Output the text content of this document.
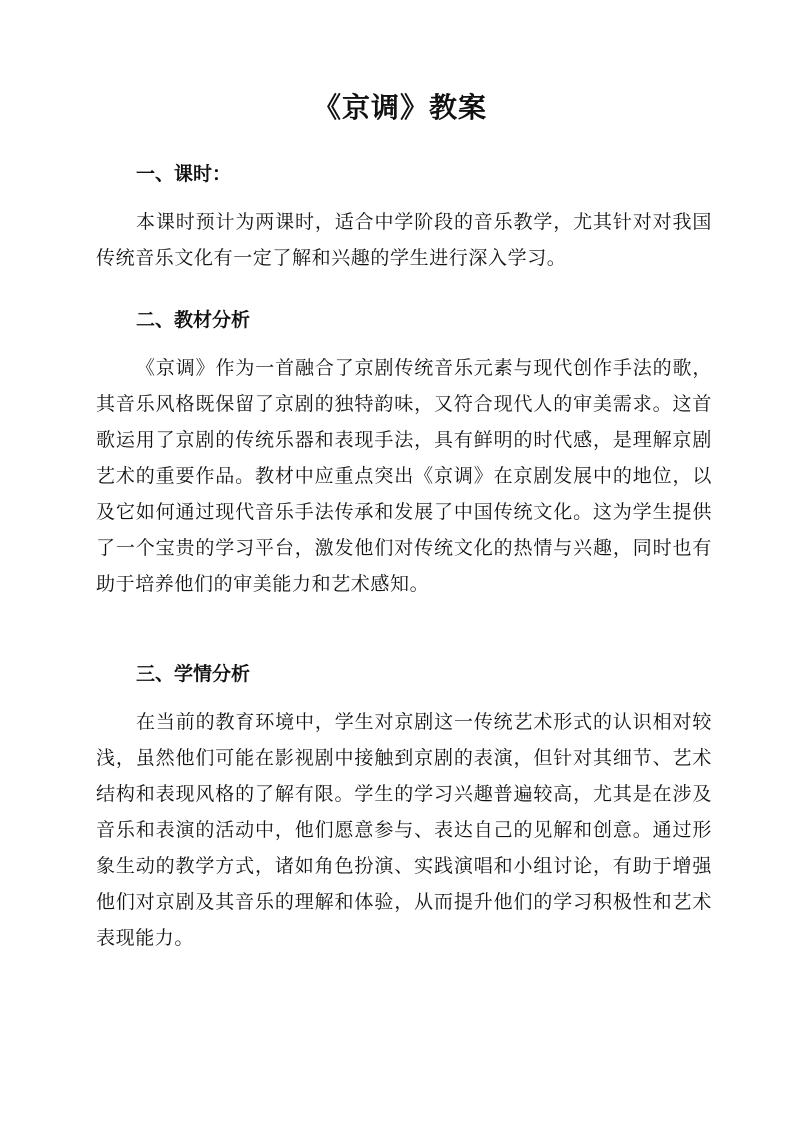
《京调》教案
一、课时：
本课时预计为两课时，适合中学阶段的音乐教学，尤其针对对我国传统音乐文化有一定了解和兴趣的学生进行深入学习。
二、教材分析
《京调》作为一首融合了京剧传统音乐元素与现代创作手法的歌，其音乐风格既保留了京剧的独特韵味，又符合现代人的审美需求。这首歌运用了京剧的传统乐器和表现手法，具有鲜明的时代感，是理解京剧艺术的重要作品。教材中应重点突出《京调》在京剧发展中的地位，以及它如何通过现代音乐手法传承和发展了中国传统文化。这为学生提供了一个宝贵的学习平台，激发他们对传统文化的热情与兴趣，同时也有助于培养他们的审美能力和艺术感知。
三、学情分析
在当前的教育环境中，学生对京剧这一传统艺术形式的认识相对较浅，虽然他们可能在影视剧中接触到京剧的表演，但针对其细节、艺术结构和表现风格的了解有限。学生的学习兴趣普遍较高，尤其是在涉及音乐和表演的活动中，他们愿意参与、表达自己的见解和创意。通过形象生动的教学方式，诸如角色扮演、实践演唱和小组讨论，有助于增强他们对京剧及其音乐的理解和体验，从而提升他们的学习积极性和艺术表现能力。
